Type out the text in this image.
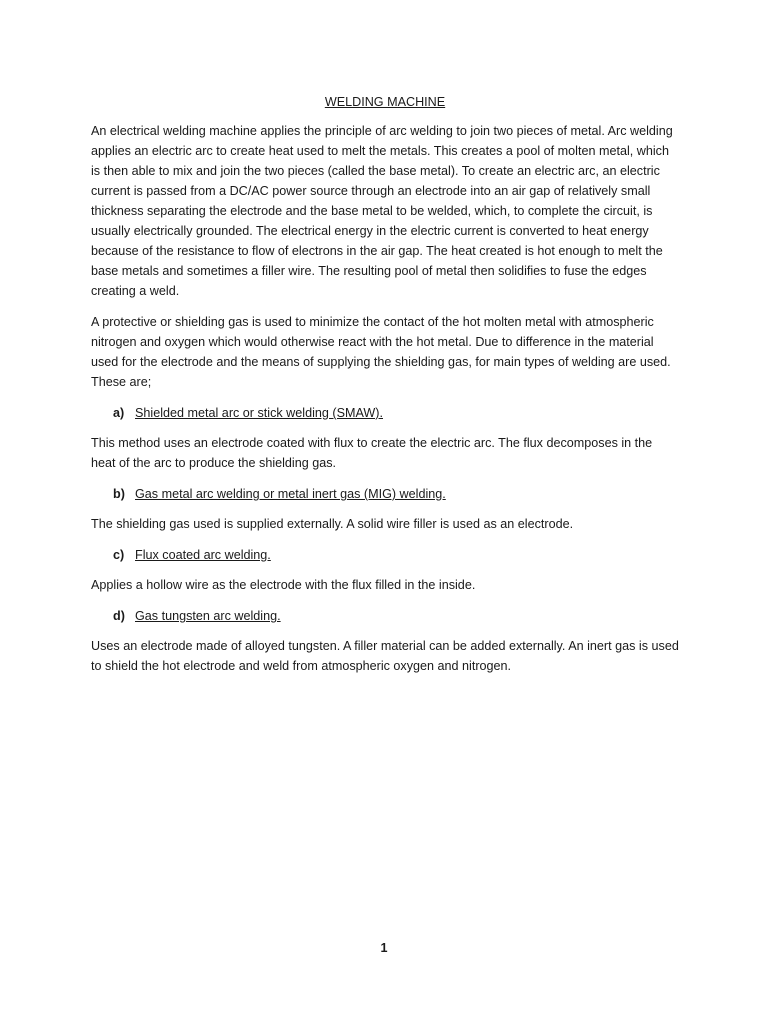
WELDING MACHINE

An electrical welding machine applies the principle of arc welding to join two pieces of metal. Arc welding applies an electric arc to create heat used to melt the metals. This creates a pool of molten metal, which is then able to mix and join the two pieces (called the base metal). To create an electric arc, an electric current is passed from a DC/AC power source through an electrode into an air gap of relatively small thickness separating the electrode and the base metal to be welded, which, to complete the circuit, is usually electrically grounded. The electrical energy in the electric current is converted to heat energy because of the resistance to flow of electrons in the air gap. The heat created is hot enough to melt the base metals and sometimes a filler wire. The resulting pool of metal then solidifies to fuse the edges creating a weld.

A protective or shielding gas is used to minimize the contact of the hot molten metal with atmospheric nitrogen and oxygen which would otherwise react with the hot metal. Due to difference in the material used for the electrode and the means of supplying the shielding gas, for main types of welding are used. These are;

a) Shielded metal arc or stick welding (SMAW).

This method uses an electrode coated with flux to create the electric arc. The flux decomposes in the heat of the arc to produce the shielding gas.

b) Gas metal arc welding or metal inert gas (MIG) welding.

The shielding gas used is supplied externally. A solid wire filler is used as an electrode.

c) Flux coated arc welding.

Applies a hollow wire as the electrode with the flux filled in the inside.

d) Gas tungsten arc welding.

Uses an electrode made of alloyed tungsten. A filler material can be added externally. An inert gas is used to shield the hot electrode and weld from atmospheric oxygen and nitrogen.

1
